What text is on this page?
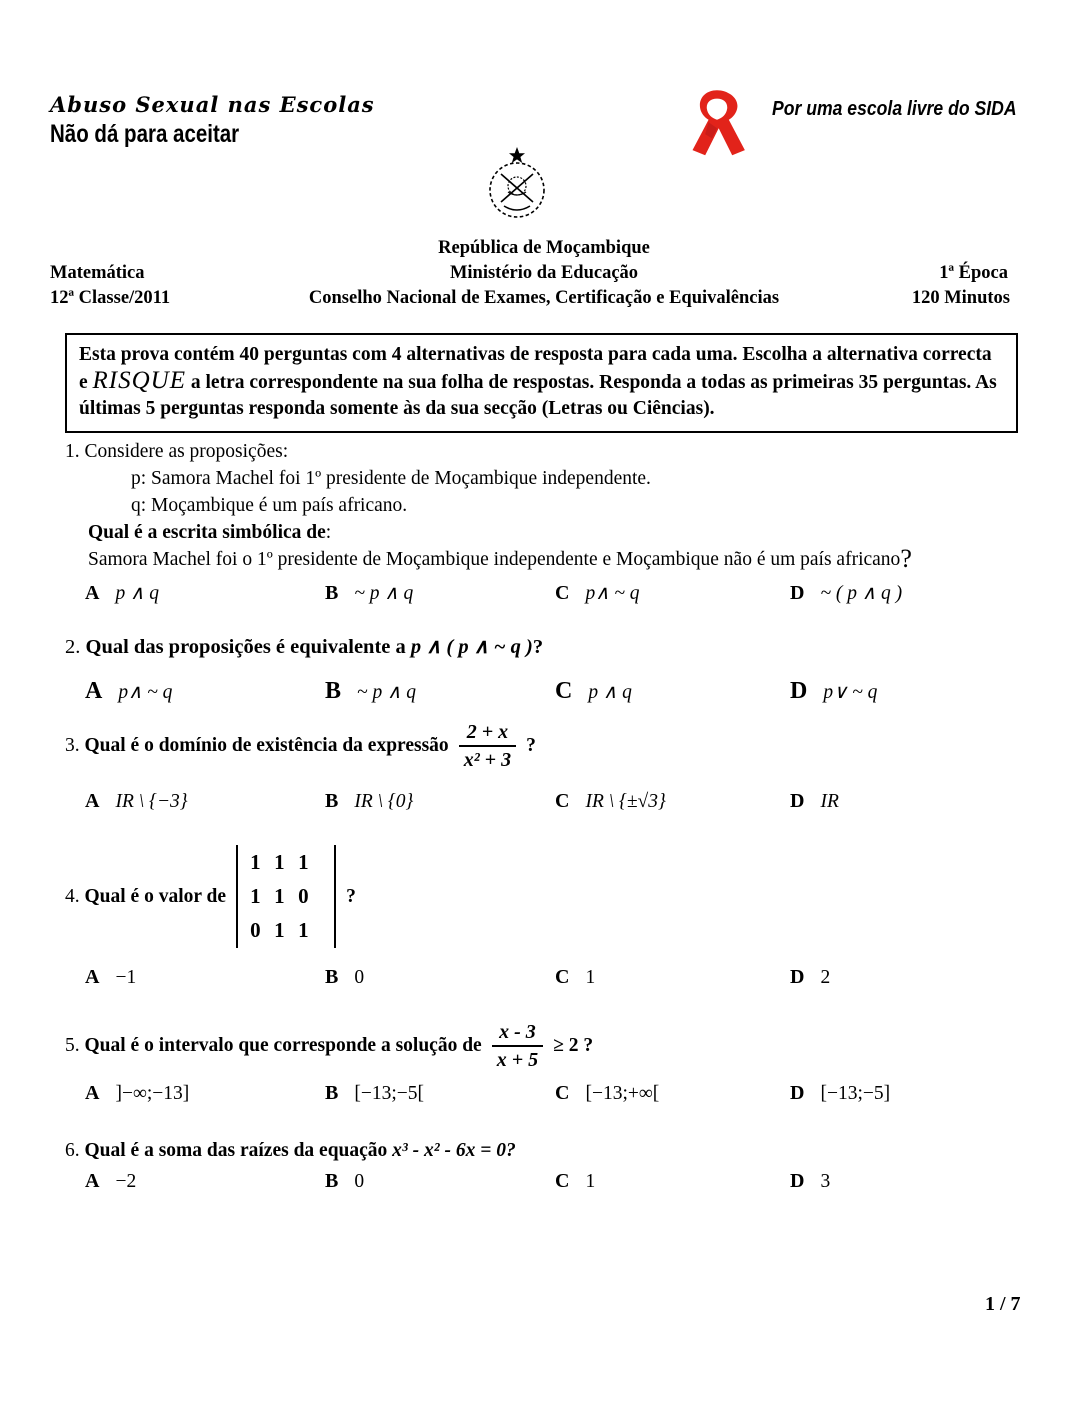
Abuso Sexual nas Escolas
Não dá para aceitar
Por uma escola livre do SIDA
República de Moçambique
Ministério da Educação
Conselho Nacional de Exames, Certificação e Equivalências
Matemática
12ª Classe/2011
1ª Época
120 Minutos
Esta prova contém 40 perguntas com 4 alternativas de resposta para cada uma. Escolha a alternativa correcta e RISQUE a letra correspondente na sua folha de respostas. Responda a todas as primeiras 35 perguntas. As últimas 5 perguntas responda somente às da sua secção (Letras ou Ciências).
1. Considere as proposições:
p: Samora Machel foi 1º presidente de Moçambique independente.
q: Moçambique é um país africano.
Qual é a escrita simbólica de:
Samora Machel foi o 1º presidente de Moçambique independente e Moçambique não é um país africano?
A p ∧ q	B ~ p ∧ q	C p∧ ~ q	D ~ ( p ∧ q )
2. Qual das proposições é equivalente a p ∧ ( p ∧ ~ q )?
A p∧ ~ q	B ~ p ∧ q	C p ∧ q	D p∨ ~ q
3. Qual é o domínio de existência da expressão $\frac{2 + x}{\text{x² + 3}}$ ?
A IR \ {−3}	B IR \ {0}	C IR \ {±√3}	D IR
4. Qual é o valor de
1 1 1
1 1 0
0 1 1
?
A −1	B 0	C 1	D 2
5. Qual é o intervalo que corresponde a solução de $\frac{x - 3}{x + 5} \ge 2$ ?
A ]−∞;−13]	B [−13;−5[	C [−13;+∞[	D [−13;−5]
6. Qual é a soma das raízes da equação x³ - x² - 6x = 0?
A −2	B 0	C 1	D 3
1 / 7
